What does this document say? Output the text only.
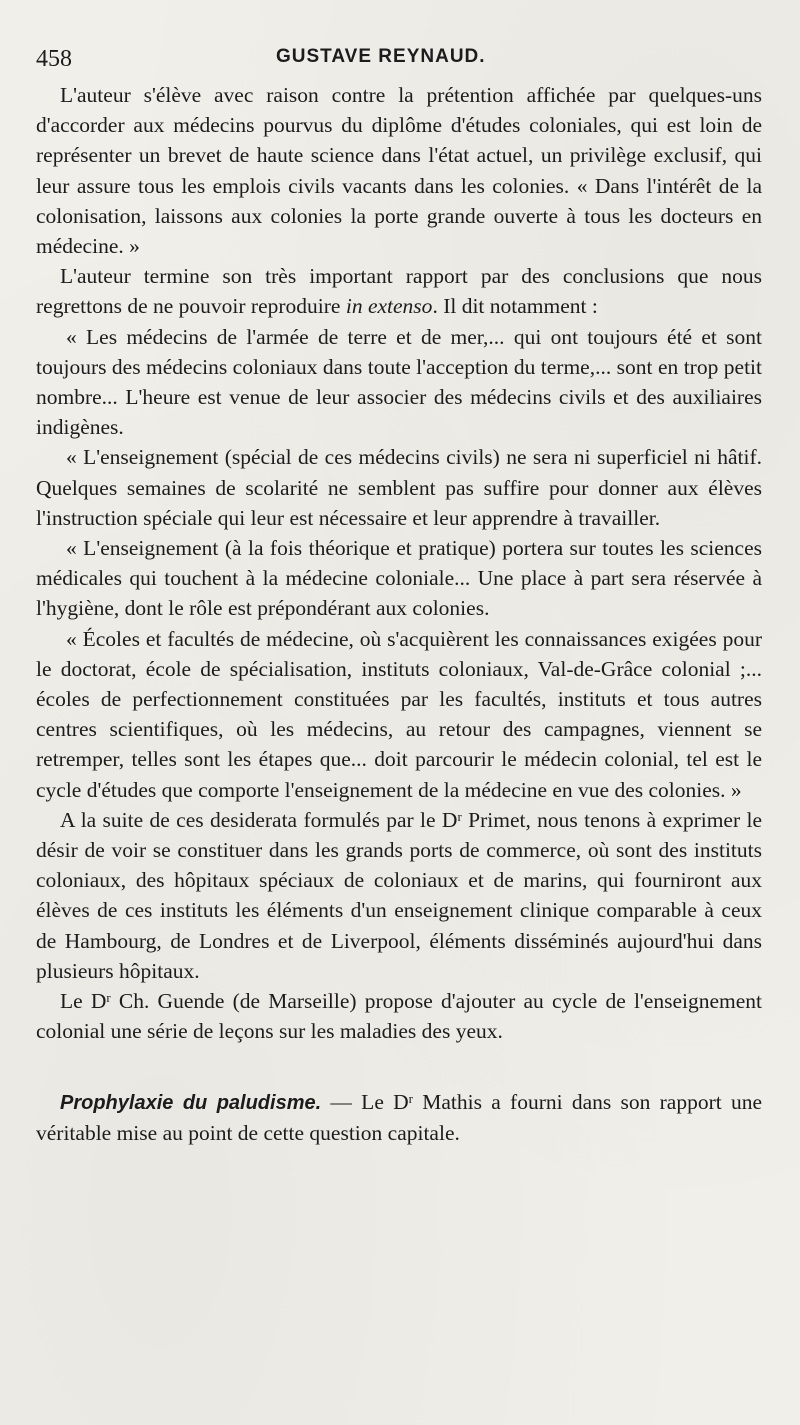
458	GUSTAVE REYNAUD.

L'auteur s'élève avec raison contre la prétention affichée par quelques-uns d'accorder aux médecins pourvus du diplôme d'études coloniales, qui est loin de représenter un brevet de haute science dans l'état actuel, un privilège exclusif, qui leur assure tous les emplois civils vacants dans les colonies. « Dans l'intérêt de la colonisation, laissons aux colonies la porte grande ouverte à tous les docteurs en médecine. »

L'auteur termine son très important rapport par des conclusions que nous regrettons de ne pouvoir reproduire in extenso. Il dit notamment :

« Les médecins de l'armée de terre et de mer,... qui ont toujours été et sont toujours des médecins coloniaux dans toute l'acception du terme,... sont en trop petit nombre... L'heure est venue de leur associer des médecins civils et des auxiliaires indigènes.

« L'enseignement (spécial de ces médecins civils) ne sera ni superficiel ni hâtif. Quelques semaines de scolarité ne semblent pas suffire pour donner aux élèves l'instruction spéciale qui leur est nécessaire et leur apprendre à travailler.

« L'enseignement (à la fois théorique et pratique) portera sur toutes les sciences médicales qui touchent à la médecine coloniale... Une place à part sera réservée à l'hygiène, dont le rôle est prépondérant aux colonies.

« Écoles et facultés de médecine, où s'acquièrent les connaissances exigées pour le doctorat, école de spécialisation, instituts coloniaux, Val-de-Grâce colonial ;... écoles de perfectionnement constituées par les facultés, instituts et tous autres centres scientifiques, où les médecins, au retour des campagnes, viennent se retremper, telles sont les étapes que... doit parcourir le médecin colonial, tel est le cycle d'études que comporte l'enseignement de la médecine en vue des colonies. »

A la suite de ces desiderata formulés par le $D^r$ Primet, nous tenons à exprimer le désir de voir se constituer dans les grands ports de commerce, où sont des instituts coloniaux, des hôpitaux spéciaux de coloniaux et de marins, qui fourniront aux élèves de ces instituts les éléments d'un enseignement clinique comparable à ceux de Hambourg, de Londres et de Liverpool, éléments disséminés aujourd'hui dans plusieurs hôpitaux.

Le $D^r$ Ch. Guende (de Marseille) propose d'ajouter au cycle de l'enseignement colonial une série de leçons sur les maladies des yeux.

Prophylaxie du paludisme. — Le $D^r$ Mathis a fourni dans son rapport une véritable mise au point de cette question capitale.
